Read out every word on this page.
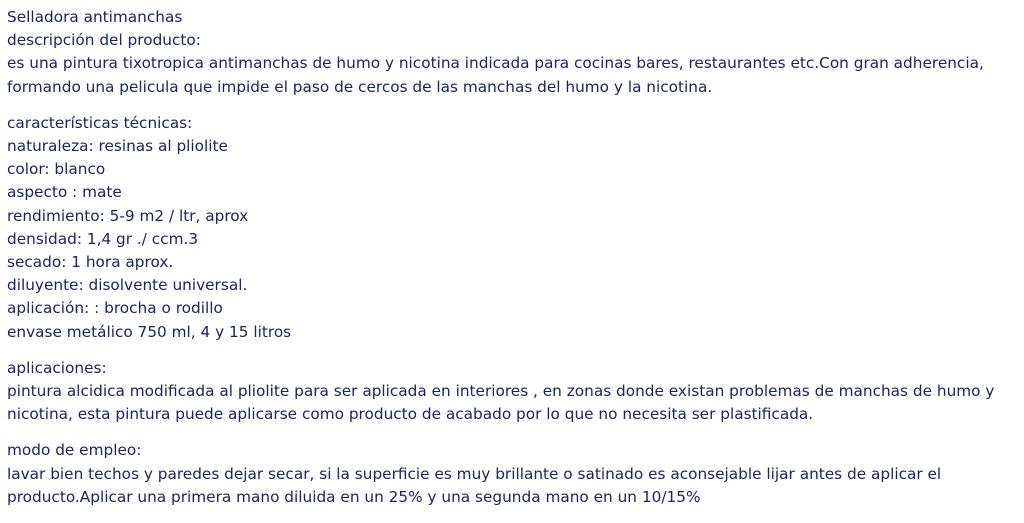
Selladora antimanchas
descripción del producto:
es una pintura tixotropica antimanchas de humo y nicotina indicada para cocinas bares, restaurantes etc.Con gran adherencia,
formando una pelicula que impide el paso de cercos de las manchas del humo y la nicotina.
características técnicas:
naturaleza: resinas al pliolite
color: blanco
aspecto : mate
rendimiento: 5-9 m2 / ltr, aprox
densidad: 1,4 gr ./ ccm.3
secado: 1 hora aprox.
diluyente: disolvente universal.
aplicación: : brocha o rodillo
envase metálico 750 ml, 4 y 15 litros
aplicaciones:
pintura alcidica modificada al pliolite para ser aplicada en interiores , en zonas donde existan problemas de manchas de humo y
nicotina, esta pintura puede aplicarse como producto de acabado por lo que no necesita ser plastificada.
modo de empleo:
lavar bien techos y paredes dejar secar, si la superficie es muy brillante o satinado es aconsejable lijar antes de aplicar el
producto.Aplicar una primera mano diluida en un 25% y una segunda mano en un 10/15%
